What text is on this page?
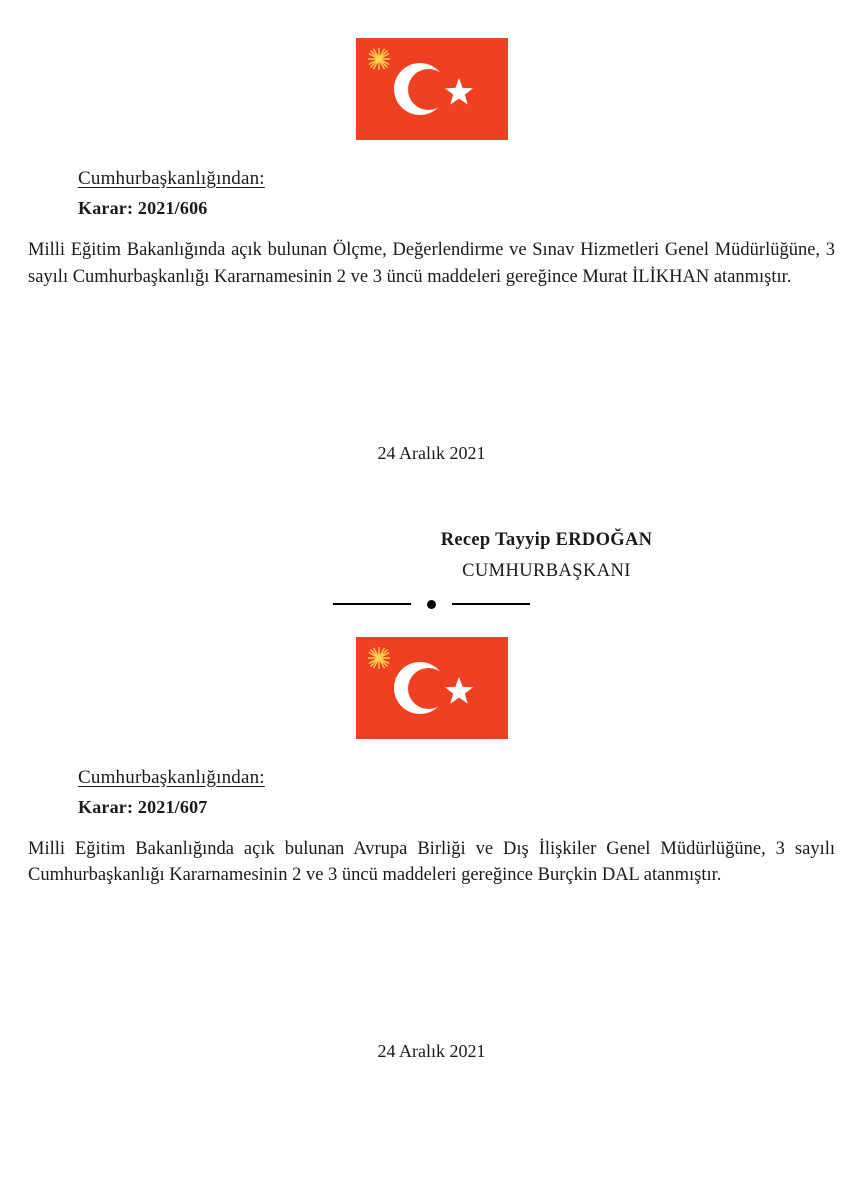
Cumhurbaşkanlığından:
Karar: 2021/606

Milli Eğitim Bakanlığında açık bulunan Ölçme, Değerlendirme ve Sınav Hizmetleri Genel Müdürlüğüne, 3 sayılı Cumhurbaşkanlığı Kararnamesinin 2 ve 3 üncü maddeleri gereğince Murat İLİKHAN atanmıştır.

24 Aralık 2021
Recep Tayyip ERDOĞAN
CUMHURBAŞKANI
Cumhurbaşkanlığından:
Karar: 2021/607

Milli Eğitim Bakanlığında açık bulunan Avrupa Birliği ve Dış İlişkiler Genel Müdürlüğüne, 3 sayılı Cumhurbaşkanlığı Kararnamesinin 2 ve 3 üncü maddeleri gereğince Burçkin DAL atanmıştır.

24 Aralık 2021
